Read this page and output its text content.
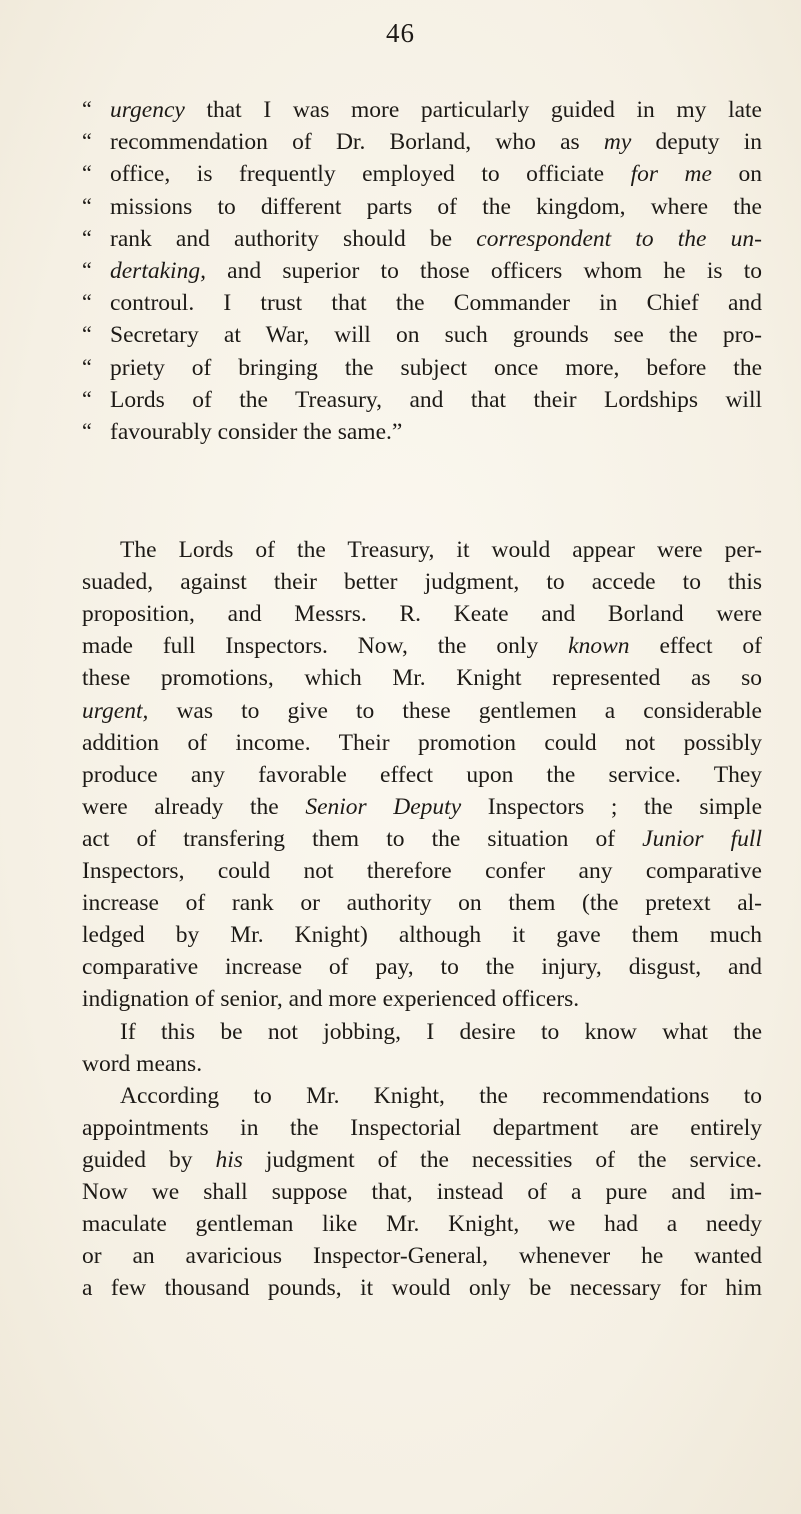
46
“ urgency that I was more particularly guided in my late
“ recommendation of Dr. Borland, who as my deputy in
“ office, is frequently employed to officiate for me on
“ missions to different parts of the kingdom, where the
“ rank and authority should be correspondent to the un-
“ dertaking, and superior to those officers whom he is to
“ controul. I trust that the Commander in Chief and
“ Secretary at War, will on such grounds see the pro-
“ priety of bringing the subject once more, before the
“ Lords of the Treasury, and that their Lordships will
“ favourably consider the same.”
The Lords of the Treasury, it would appear were per-
suaded, against their better judgment, to accede to this
proposition, and Messrs. R. Keate and Borland were
made full Inspectors. Now, the only known effect of
these promotions, which Mr. Knight represented as so
urgent, was to give to these gentlemen a considerable
addition of income. Their promotion could not possibly
produce any favorable effect upon the service. They
were already the Senior Deputy Inspectors ; the simple
act of transfering them to the situation of Junior full
Inspectors, could not therefore confer any comparative
increase of rank or authority on them (the pretext al-
ledged by Mr. Knight) although it gave them much
comparative increase of pay, to the injury, disgust, and
indignation of senior, and more experienced officers.
If this be not jobbing, I desire to know what the
word means.
According to Mr. Knight, the recommendations to
appointments in the Inspectorial department are entirely
guided by his judgment of the necessities of the service.
Now we shall suppose that, instead of a pure and im-
maculate gentleman like Mr. Knight, we had a needy
or an avaricious Inspector-General, whenever he wanted
a few thousand pounds, it would only be necessary for him
